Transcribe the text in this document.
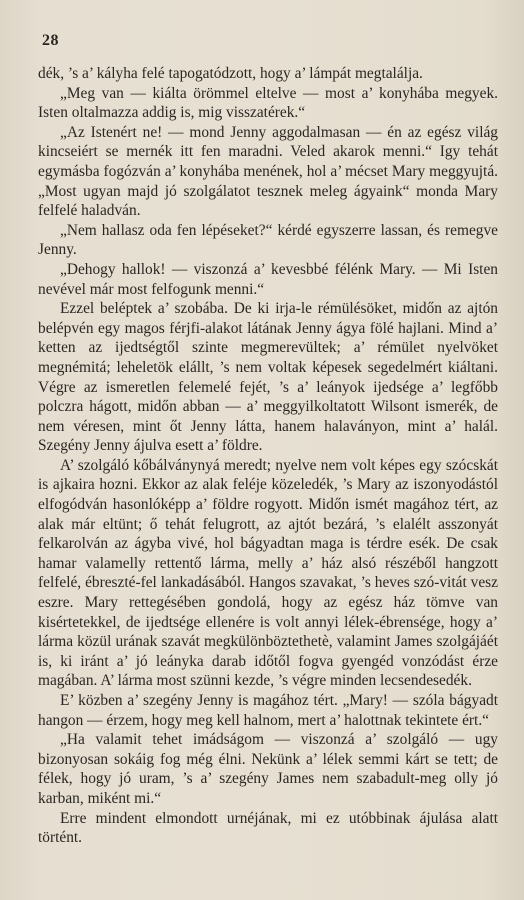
28

dék, ’s a’ kályha felé tapogatódzott, hogy a’ lámpát megtalálja.

„Meg van — kiálta örömmel eltelve — most a’ konyhába megyek. Isten oltalmazza addig is, mig visszatérek.“

„Az Istenért ne! — mond Jenny aggodalmasan — én az egész világ kincseiért se mernék itt fen maradni. Veled akarok menni.“ Igy tehát egymásba fogózván a’ konyhába menének, hol a’ mécset Mary meggyujtá. „Most ugyan majd jó szolgálatot tesznek meleg ágyaink“ monda Mary felfelé haladván.

„Nem hallasz oda fen lépéseket?“ kérdé egyszerre lassan, és remegve Jenny.

„Dehogy hallok! — viszonzá a’ kevesbbé félénk Mary. — Mi Isten nevével már most felfogunk menni.“

Ezzel beléptek a’ szobába. De ki irja-le rémülésöket, midőn az ajtón belépvén egy magos férjfi-alakot látának Jenny ágya fölé hajlani. Mind a’ ketten az ijedtségtől szinte megmerevültek; a’ rémület nyelvöket megnémitá; leheletök elállt, ’s nem voltak képesek segedelmért kiáltani. Végre az ismeretlen felemelé fejét, ’s a’ leányok ijedsége a’ legfőbb polczra hágott, midőn abban — a’ meggyilkoltatott Wilsont ismerék, de nem véresen, mint őt Jenny látta, hanem halaványon, mint a’ halál. Szegény Jenny ájulva esett a’ földre.

A’ szolgáló kőbálványnyá meredt; nyelve nem volt képes egy szócskát is ajkaira hozni. Ekkor az alak feléje közeledék, ’s Mary az iszonyodástól elfogódván hasonlóképp a’ földre rogyott. Midőn ismét magához tért, az alak már eltünt; ő tehát felugrott, az ajtót bezárá, ’s elalélt asszonyát felkarolván az ágyba vivé, hol bágyadtan maga is térdre esék. De csak hamar valamelly rettentő lárma, melly a’ ház alsó részéből hangzott felfelé, ébreszté-fel lankadásából. Hangos szavakat, ’s heves szó-vitát vesz eszre. Mary rettegésében gondolá, hogy az egész ház tömve van kisértetekkel, de ijedtsége ellenére is volt annyi lélek-ébrensége, hogy a’ lárma közül urának szavát megkülönböztethetè, valamint James szolgájáét is, ki iránt a’ jó leányka darab időtől fogva gyengéd vonzódást érze magában. A’ lárma most szünni kezde, ’s végre minden lecsendesedék.

E’ közben a’ szegény Jenny is magához tért. „Mary! — szóla bágyadt hangon — érzem, hogy meg kell halnom, mert a’ halottnak tekintete ért.“

„Ha valamit tehet imádságom — viszonzá a’ szolgáló — ugy bizonyosan sokáig fog még élni. Nekünk a’ lélek semmi kárt se tett; de félek, hogy jó uram, ’s a’ szegény James nem szabadult-meg olly jó karban, miként mi.“

Erre mindent elmondott urnéjának, mi ez utóbbinak ájulása alatt történt.
